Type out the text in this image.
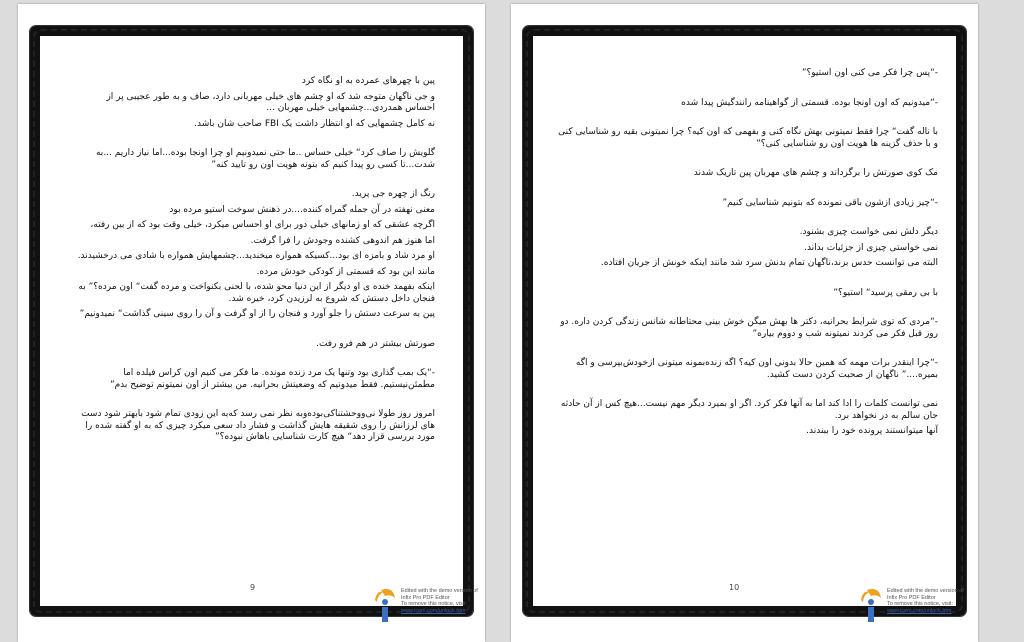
پین با چهرهای عمرده به او نگاه کرد

و جی ناگهان متوجه شد که او چشم های خیلی مهربانی دارد، صاف و به طور عجیبی پر از احساس همدردی...چشمهایی خیلی مهربان ...

نه کامل چشمهایی که او انتظار داشت یک FBI صاحب شان باشد.

گلویش را صاف کرد“ خیلی حساس ..ما حتی نمیدونیم او چرا اونجا بوده...اما نیاز داریم ...به شدت...تا کسی رو پیدا کنیم که بتونه هویت اون رو تایید کنه”

رنگ از چهره جی پرید.

معنی نهفته در آن جمله گمراه کننده....در ذهنش سوخت استیو مرده بود

اگرچه عشقی که او زمانهای خیلی دور برای او احساس میکرد، خیلی وقت بود که از بین رفته،

اما هنوز هم اندوهی کشنده وجودش را فرا گرفت.

او مرد شاد و بامزه ای بود...کسیکه همواره میخندید...چشمهایش همواره با شادی می درخشیدند.

مانند این بود که قسمتی از کودکی خودش مرده.

اینکه بفهمد خنده ی او دیگر از این دنیا محو شده، با لحنی بکنواخت و مرده گفت“ اون مرده؟” به فنجان داخل دستش که شروع به لرزیدن کرد، خیره شد.

پین به سرعت دستش را جلو آورد و فنجان را از او گرفت و آن را روی سینی گذاشت“ نمیدونیم”

صورتش بیشتر در هم فرو رفت.

-“یک بمب گذاری بود وتنها یک مرد زنده مونده. ما فکر می کنیم اون کراس فیلده اما مطمئن‌نیستیم. فقط میدونیم که وضعیتش بحرانیه. من بیشتر از اون نمیتونم توضیح بدم”

امروز روز طولا نی‌ووحشتناکی‌بودەوبه نظر نمی رسد کەبه این زودی تمام شود بابهتر شود دست های لرزانش را روی شقیقه هایش گذاشت و فشار داد سعی میکرد چیزی که به او گفته شده را مورد بررسی قرار دهد“ هیچ کارت شناسایی باهاش نبوده؟”

9	Edited with the demo version of
Infix Pro PDF Editor
To remove this notice, visit:
www.iceni.com/unlock.htm

-“پس چرا فکر می کنی اون استیو؟”

-“میدونیم که اون اونجا بوده. قسمتی از گواهینامه رانندگیش پیدا شده

با ناله گفت“ چرا فقط نمیتونی بهش نگاه کنی و بفهمی که اون کیه؟ چرا نمیتونی بقیه رو شناسایی کنی و با حذف گزینه ها هویت اون رو شناسایی کنی؟”

مک کوی صورتش را برگرداند و چشم های مهربان پین تاریک شدند

-“چیز زیادی ازشون باقی نمونده که بتونیم شناسایی کنیم”

دیگر دلش نمی خواست چیزی بشنود.

نمی خواستی چیزی از جزئیات بداند.

البته می توانست حدس بزند،ناگهان تمام بدنش سرد شد مانند اینکه خونش از جریان افتاده.

با بی رمقی پرسید“ استیو؟”

-“مردی که توی شرایط بحرانیه، دکتر ها بهش میگن خوش بینی محتاطانه شانس زندگی کردن داره. دو روز قبل فکر می کردند نمیتونه شب و دووم بیاره”

-“چرا اینقدر برات مهمه که همین حالا بدونی اون کیه؟ اگه زنده‌بمونه میتونی ازخودش‌بپرسی و اگه بمیره....” ناگهان از صحبت کردن دست کشید.

نمی توانست کلمات را ادا کند اما به آنها فکر کرد. اگر او بمیرد دیگر مهم نیست...هیچ کس از آن حادثه جان سالم به در نخواهد برد.

آنها میتوانستند پرونده خود را ببندند.

10	Edited with the demo version of
Infix Pro PDF Editor
To remove this notice, visit:
www.iceni.com/unlock.htm
